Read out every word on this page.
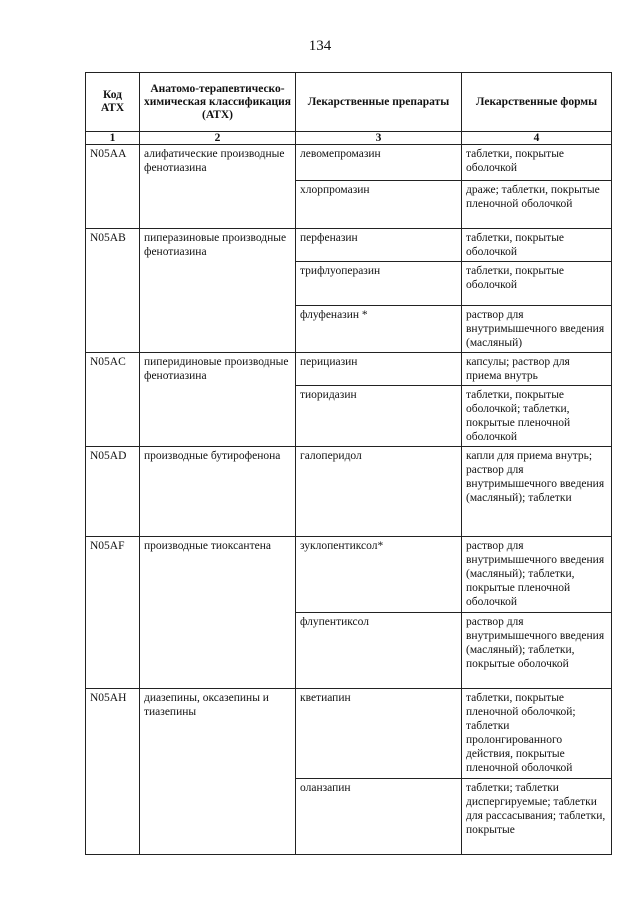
134
Код АТХ	Анатомо-терапевтическо-химическая классификация (АТХ)	Лекарственные препараты	Лекарственные формы
1	2	3	4
N05AA	алифатические производные фенотиазина	левомепромазин	таблетки, покрытые оболочкой
		хлорпромазин	драже; таблетки, покрытые пленочной оболочкой
N05AB	пиперазиновые производные фенотиазина	перфеназин	таблетки, покрытые оболочкой
		трифлуоперазин	таблетки, покрытые оболочкой
		флуфеназин *	раствор для внутримышечного введения (масляный)
N05AC	пиперидиновые производные фенотиазина	перициазин	капсулы; раствор для приема внутрь
		тиоридазин	таблетки, покрытые оболочкой; таблетки, покрытые пленочной оболочкой
N05AD	производные бутирофенона	галоперидол	капли для приема внутрь; раствор для внутримышечного введения (масляный); таблетки
N05AF	производные тиоксантена	зуклопентиксол*	раствор для внутримышечного введения (масляный); таблетки, покрытые пленочной оболочкой
		флупентиксол	раствор для внутримышечного введения (масляный); таблетки, покрытые оболочкой
N05AH	диазепины, оксазепины и тиазепины	кветиапин	таблетки, покрытые пленочной оболочкой; таблетки пролонгированного действия, покрытые пленочной оболочкой
		оланзапин	таблетки; таблетки диспергируемые; таблетки для рассасывания; таблетки, покрытые
